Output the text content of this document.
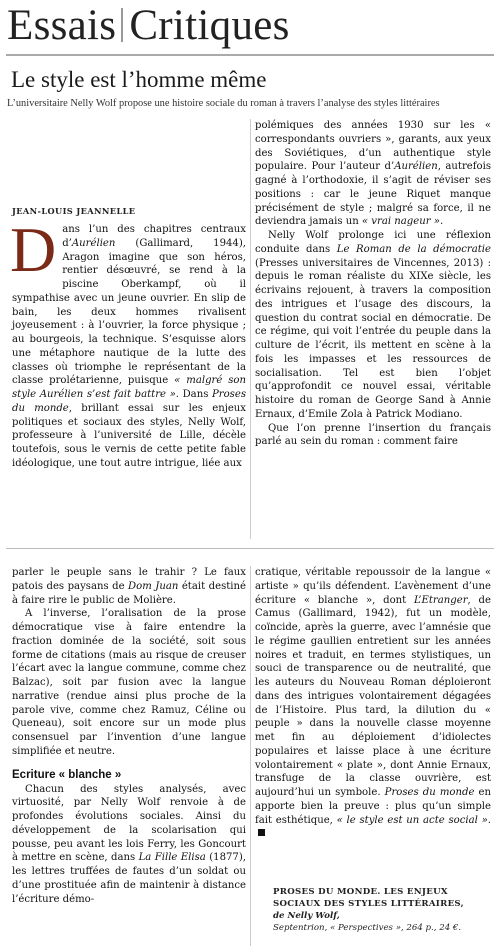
Essais Critiques
Le style est l’homme même
L’universitaire Nelly Wolf propose une histoire sociale du roman à travers l’analyse des styles littéraires
JEAN-LOUIS JEANNELLE

Dans l’un des chapitres centraux d’Aurélien (Gallimard, 1944), Aragon imagine que son héros, rentier désœuvré, se rend à la piscine Oberkampf, où il sympathise avec un jeune ouvrier. En slip de bain, les deux hommes rivalisent joyeusement : à l’ouvrier, la force physique ; au bourgeois, la technique. S’esquisse alors une métaphore nautique de la lutte des classes où triomphe le représentant de la classe prolétarienne, puisque « malgré son style Aurélien s’est fait battre ». Dans Proses du monde, brillant essai sur les enjeux politiques et sociaux des styles, Nelly Wolf, professeure à l’université de Lille, décèle toutefois, sous le vernis de cette petite fable idéologique, une tout autre intrigue, liée aux

polémiques des années 1930 sur les « correspondants ouvriers », garants, aux yeux des Soviétiques, d’un authentique style populaire. Pour l’auteur d’Aurélien, autrefois gagné à l’orthodoxie, il s’agit de réviser ses positions : car le jeune Riquet manque précisément de style ; malgré sa force, il ne deviendra jamais un « vrai nageur ».

Nelly Wolf prolonge ici une réflexion conduite dans Le Roman de la démocratie (Presses universitaires de Vincennes, 2013) : depuis le roman réaliste du XIXe siècle, les écrivains rejouent, à travers la composition des intrigues et l’usage des discours, la question du contrat social en démocratie. De ce régime, qui voit l’entrée du peuple dans la culture de l’écrit, ils mettent en scène à la fois les impasses et les ressources de socialisation. Tel est bien l’objet qu’approfondit ce nouvel essai, véritable histoire du roman de George Sand à Annie Ernaux, d’Emile Zola à Patrick Modiano.

Que l’on prenne l’insertion du français parlé au sein du roman : comment faire

parler le peuple sans le trahir ? Le faux patois des paysans de Dom Juan était destiné à faire rire le public de Molière.

A l’inverse, l’oralisation de la prose démocratique vise à faire entendre la fraction dominée de la société, soit sous forme de citations (mais au risque de creuser l’écart avec la langue commune, comme chez Balzac), soit par fusion avec la langue narrative (rendue ainsi plus proche de la parole vive, comme chez Ramuz, Céline ou Queneau), soit encore sur un mode plus consensuel par l’invention d’une langue simplifiée et neutre.

Ecriture « blanche »

Chacun des styles analysés, avec virtuosité, par Nelly Wolf renvoie à de profondes évolutions sociales. Ainsi du développement de la scolarisation qui pousse, peu avant les lois Ferry, les Goncourt à mettre en scène, dans La Fille Elisa (1877), les lettres truffées de fautes d’un soldat ou d’une prostituée afin de maintenir à distance l’écriture démo-

cratique, véritable repoussoir de la langue « artiste » qu’ils défendent. L’avènement d’une écriture « blanche », dont L’Etranger, de Camus (Gallimard, 1942), fut un modèle, coïncide, après la guerre, avec l’amnésie que le régime gaullien entretient sur les années noires et traduit, en termes stylistiques, un souci de transparence ou de neutralité, que les auteurs du Nouveau Roman déploieront dans des intrigues volontairement dégagées de l’Histoire. Plus tard, la dilution du « peuple » dans la nouvelle classe moyenne met fin au déploiement d’idiolectes populaires et laisse place à une écriture volontairement « plate », dont Annie Ernaux, transfuge de la classe ouvrière, est aujourd’hui un symbole. Proses du monde en apporte bien la preuve : plus qu’un simple fait esthétique, « le style est un acte social ».

PROSES DU MONDE. LES ENJEUX SOCIAUX DES STYLES LITTÉRAIRES,
de Nelly Wolf,
Septentrion, « Perspectives », 264 p., 24 €.
